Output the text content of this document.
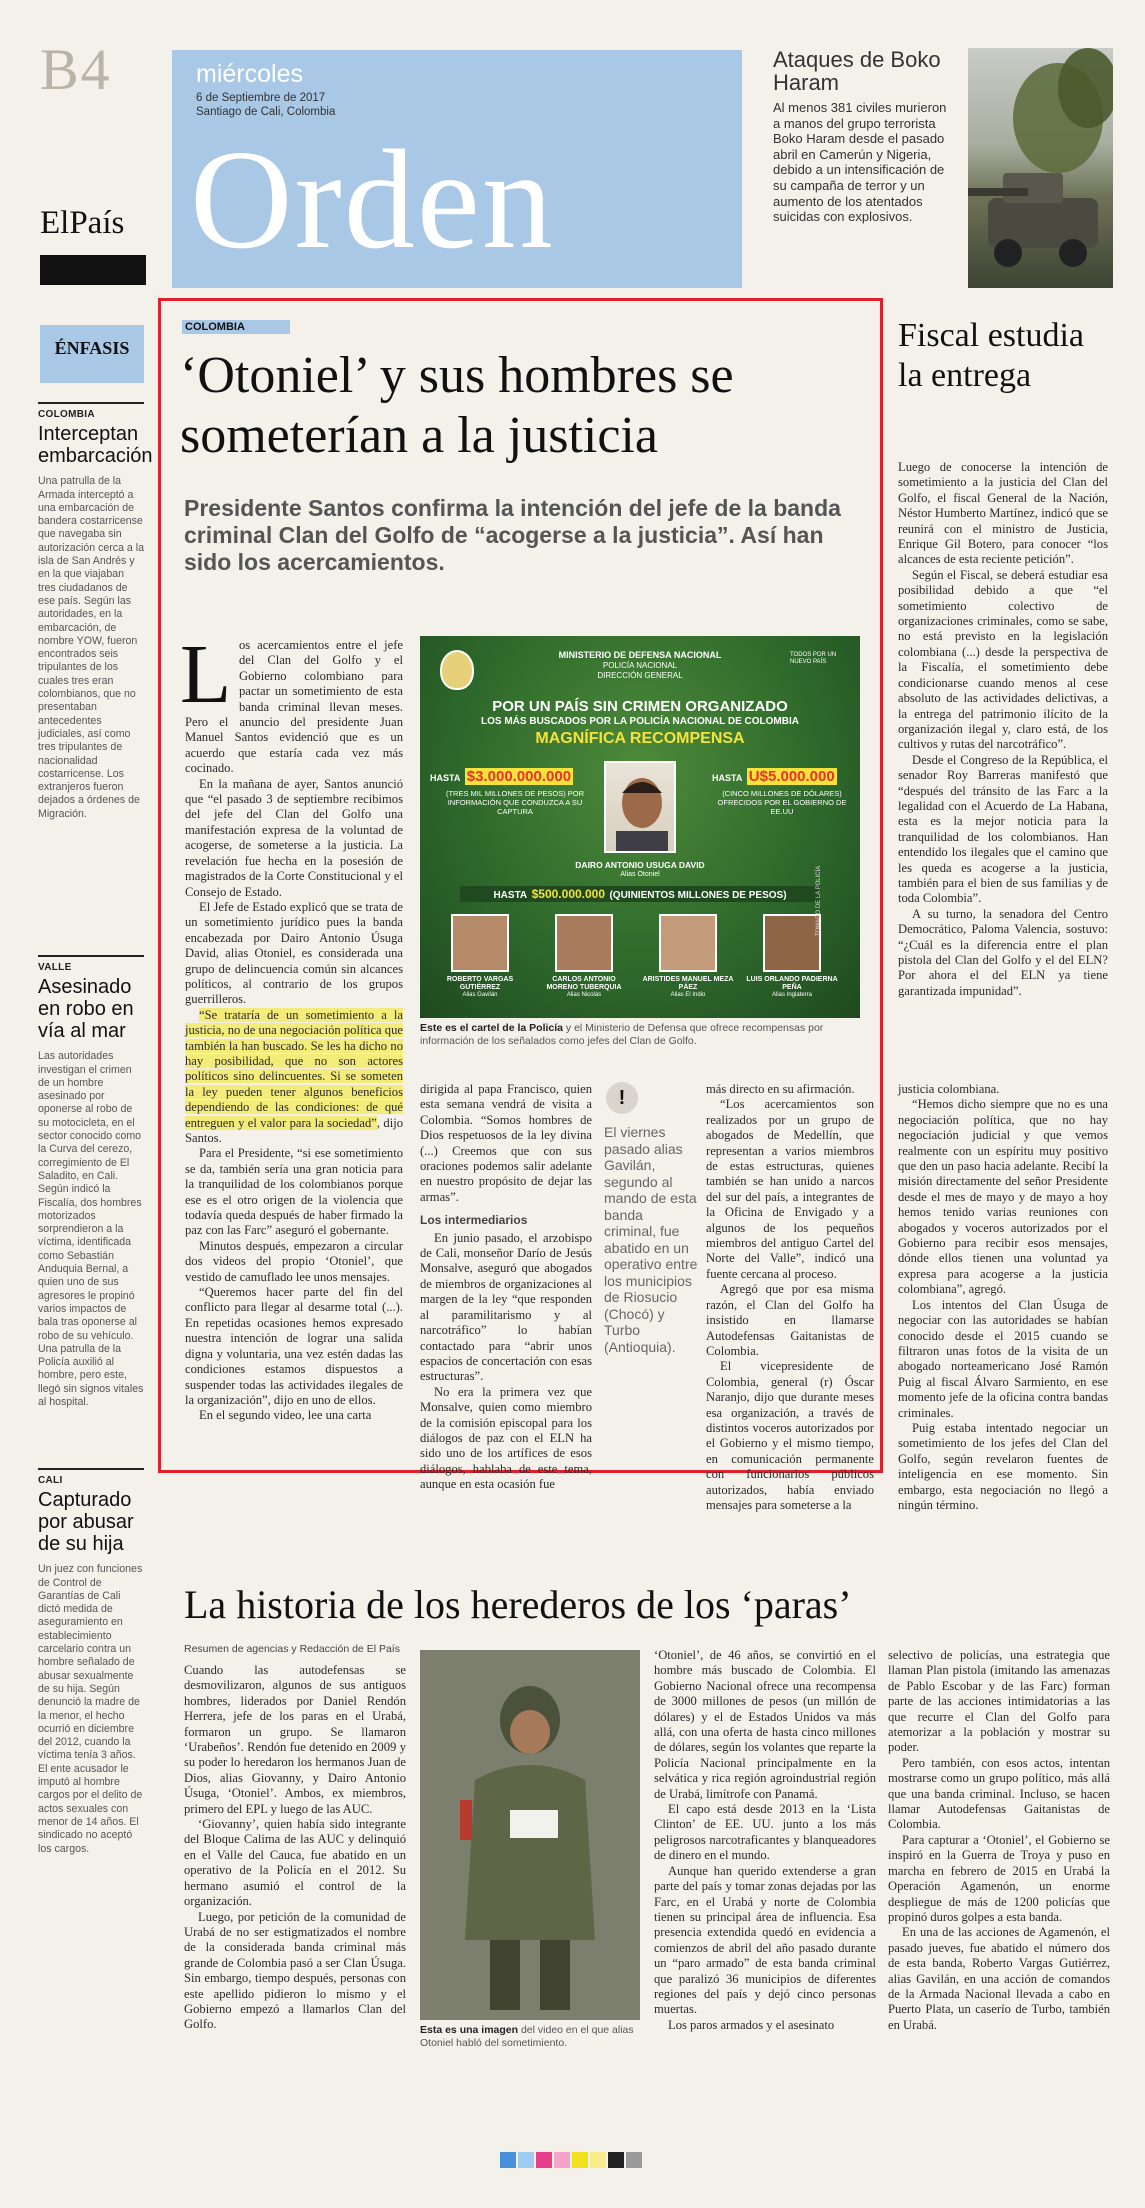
B4
ElPaís
miércoles
6 de Septiembre de 2017
Santiago de Cali, Colombia
Orden
Ataques de Boko Haram
Al menos 381 civiles murieron a manos del grupo terrorista Boko Haram desde el pasado abril en Camerún y Nigeria, debido a un intensificación de su campaña de terror y un aumento de los atentados suicidas con explosivos.
ÉNFASIS
COLOMBIA
Interceptan embarcación
Una patrulla de la Armada interceptó a una embarcación de bandera costarricense que navegaba sin autorización cerca a la isla de San Andrés y en la que viajaban tres ciudadanos de ese país. Según las autoridades, en la embarcación, de nombre YOW, fueron encontrados seis tripulantes de los cuales tres eran colombianos, que no presentaban antecedentes judiciales, así como tres tripulantes de nacionalidad costarricense. Los extranjeros fueron dejados a órdenes de Migración.
VALLE
Asesinado en robo en vía al mar
Las autoridades investigan el crimen de un hombre asesinado por oponerse al robo de su motocicleta, en el sector conocido como la Curva del cerezo, corregimiento de El Saladito, en Cali. Según indicó la Fiscalía, dos hombres motorizados sorprendieron a la víctima, identificada como Sebastián Anduquia Bernal, a quien uno de sus agresores le propinó varios impactos de bala tras oponerse al robo de su vehículo. Una patrulla de la Policía auxilió al hombre, pero este, llegó sin signos vitales al hospital.
CALI
Capturado por abusar de su hija
Un juez con funciones de Control de Garantías de Cali dictó medida de aseguramiento en establecimiento carcelario contra un hombre señalado de abusar sexualmente de su hija. Según denunció la madre de la menor, el hecho ocurrió en diciembre del 2012, cuando la víctima tenía 3 años. El ente acusador le imputó al hombre cargos por el delito de actos sexuales con menor de 14 años. El sindicado no aceptó los cargos.
COLOMBIA
‘Otoniel’ y sus hombres se someterían a la justicia
Presidente Santos confirma la intención del jefe de la banda criminal Clan del Golfo de “acogerse a la justicia”. Así han sido los acercamientos.
L os acercamientos entre el jefe del Clan del Golfo y el Gobierno colombiano para pactar un sometimiento de esta banda criminal llevan meses. Pero el anuncio del presidente Juan Manuel Santos evidenció que es un acuerdo que estaría cada vez más cocinado.

En la mañana de ayer, Santos anunció que “el pasado 3 de septiembre recibimos del jefe del Clan del Golfo una manifestación expresa de la voluntad de acogerse, de someterse a la justicia. La revelación fue hecha en la posesión de magistrados de la Corte Constitucional y el Consejo de Estado.

El Jefe de Estado explicó que se trata de un sometimiento jurídico pues la banda encabezada por Dairo Antonio Úsuga David, alias Otoniel, es considerada una grupo de delincuencia común sin alcances políticos, al contrario de los grupos guerrilleros.

“Se trataría de un sometimiento a la justicia, no de una negociación política que también la han buscado. Se les ha dicho no hay posibilidad, que no son actores políticos sino delincuentes. Si se someten la ley pueden tener algunos beneficios dependiendo de las condiciones: de qué entreguen y el valor para la sociedad”, dijo Santos.

Para el Presidente, “si ese sometimiento se da, también sería una gran noticia para la tranquilidad de los colombianos porque ese es el otro origen de la violencia que todavía queda después de haber firmado la paz con las Farc” aseguró el gobernante.

Minutos después, empezaron a circular dos videos del propio ‘Otoniel’, que vestido de camuflado lee unos mensajes.

“Queremos hacer parte del fin del conflicto para llegar al desarme total (...). En repetidas ocasiones hemos expresado nuestra intención de lograr una salida digna y voluntaria, una vez estén dadas las condiciones estamos dispuestos a suspender todas las actividades ilegales de la organización”, dijo en uno de ellos.

En el segundo video, lee una carta

MINISTERIO DE DEFENSA NACIONAL
POLICÍA NACIONAL
DIRECCIÓN GENERAL
TODOS POR UN NUEVO PAÍS
POR UN PAÍS SIN CRIMEN ORGANIZADO
LOS MÁS BUSCADOS POR LA POLICÍA NACIONAL DE COLOMBIA
MAGNÍFICA RECOMPENSA
HASTA $3.000.000.000
(TRES MIL MILLONES DE PESOS) POR INFORMACIÓN QUE CONDUZCA A SU CAPTURA
HASTA U$5.000.000
(CINCO MILLONES DE DÓLARES) OFRECIDOS POR EL GOBIERNO DE EE.UU
DAIRO ANTONIO USUGA DAVID
Alias Otoniel
HASTA $500.000.000 (QUINIENTOS MILLONES DE PESOS)
ROBERTO VARGAS GUTIÉRREZ
Alias Gavilán
CARLOS ANTONIO MORENO TUBERQUIA
Alias Nicolás
ARISTIDES MANUEL MEZA PÁEZ
Alias El Indio
LUIS ORLANDO PADIERNA PEÑA
Alias Inglaterra
TOMADO DE LA POLICÍA
Este es el cartel de la Policía y el Ministerio de Defensa que ofrece recompensas por información de los señalados como jefes del Clan de Golfo.

dirigida al papa Francisco, quien esta semana vendrá de visita a Colombia. “Somos hombres de Dios respetuosos de la ley divina (...) Creemos que con sus oraciones podemos salir adelante en nuestro propósito de dejar las armas”.

Los intermediarios

En junio pasado, el arzobispo de Cali, monseñor Darío de Jesús Monsalve, aseguró que abogados de miembros de organizaciones al margen de la ley “que responden al paramilitarismo y al narcotráfico” lo habían contactado para “abrir unos espacios de concertación con esas estructuras”.

No era la primera vez que Monsalve, quien como miembro de la comisión episcopal para los diálogos de paz con el ELN ha sido uno de los artífices de esos diálogos, hablaba de este tema, aunque en esta ocasión fue

!
El viernes pasado alias Gavilán, segundo al mando de esta banda criminal, fue abatido en un operativo entre los municipios de Riosucio (Chocó) y Turbo (Antioquia).

más directo en su afirmación.

“Los acercamientos son realizados por un grupo de abogados de Medellín, que representan a varios miembros de estas estructuras, quienes también se han unido a narcos del sur del país, a integrantes de la Oficina de Envigado y a algunos de los pequeños miembros del antiguo Cartel del Norte del Valle”, indicó una fuente cercana al proceso.

Agregó que por esa misma razón, el Clan del Golfo ha insistido en llamarse Autodefensas Gaitanistas de Colombia.

El vicepresidente de Colombia, general (r) Óscar Naranjo, dijo que durante meses esa organización, a través de distintos voceros autorizados por el Gobierno y el mismo tiempo, en comunicación permanente con funcionarios públicos autorizados, había enviado mensajes para someterse a la

Fiscal estudia la entrega

Luego de conocerse la intención de sometimiento a la justicia del Clan del Golfo, el fiscal General de la Nación, Néstor Humberto Martínez, indicó que se reunirá con el ministro de Justicia, Enrique Gil Botero, para conocer “los alcances de esta reciente petición”.

Según el Fiscal, se deberá estudiar esa posibilidad debido a que “el sometimiento colectivo de organizaciones criminales, como se sabe, no está previsto en la legislación colombiana (...) desde la perspectiva de la Fiscalía, el sometimiento debe condicionarse cuando menos al cese absoluto de las actividades delictivas, a la entrega del patrimonio ilícito de la organización ilegal y, claro está, de los cultivos y rutas del narcotráfico”.

Desde el Congreso de la República, el senador Roy Barreras manifestó que “después del tránsito de las Farc a la legalidad con el Acuerdo de La Habana, esta es la mejor noticia para la tranquilidad de los colombianos. Han entendido los ilegales que el camino que les queda es acogerse a la justicia, también para el bien de sus familias y de toda Colombia”.

A su turno, la senadora del Centro Democrático, Paloma Valencia, sostuvo: “¿Cuál es la diferencia entre el plan pistola del Clan del Golfo y el del ELN? Por ahora el del ELN ya tiene garantizada impunidad”.

justicia colombiana.

“Hemos dicho siempre que no es una negociación política, que no hay negociación judicial y que vemos realmente con un espíritu muy positivo que den un paso hacia adelante. Recibí la misión directamente del señor Presidente desde el mes de mayo y de mayo a hoy hemos tenido varias reuniones con abogados y voceros autorizados por el Gobierno para recibir esos mensajes, dónde ellos tienen una voluntad ya expresa para acogerse a la justicia colombiana”, agregó.

Los intentos del Clan Úsuga de negociar con las autoridades se habían conocido desde el 2015 cuando se filtraron unas fotos de la visita de un abogado norteamericano José Ramón Puig al fiscal Álvaro Sarmiento, en ese momento jefe de la oficina contra bandas criminales.

Puig estaba intentado negociar un sometimiento de los jefes del Clan del Golfo, según revelaron fuentes de inteligencia en ese momento. Sin embargo, esta negociación no llegó a ningún término.

La historia de los herederos de los ‘paras’
Resumen de agencias y Redacción de El País

Cuando las autodefensas se desmovilizaron, algunos de sus antiguos hombres, liderados por Daniel Rendón Herrera, jefe de los paras en el Urabá, formaron un grupo. Se llamaron ‘Urabeños’. Rendón fue detenido en 2009 y su poder lo heredaron los hermanos Juan de Dios, alias Giovanny, y Dairo Antonio Úsuga, ‘Otoniel’. Ambos, ex miembros, primero del EPL y luego de las AUC.

‘Giovanny’, quien había sido integrante del Bloque Calima de las AUC y delinquió en el Valle del Cauca, fue abatido en un operativo de la Policía en el 2012. Su hermano asumió el control de la organización.

Luego, por petición de la comunidad de Urabá de no ser estigmatizados el nombre de la considerada banda criminal más grande de Colombia pasó a ser Clan Úsuga. Sin embargo, tiempo después, personas con este apellido pidieron lo mismo y el Gobierno empezó a llamarlos Clan del Golfo.	Esta es una imagen del video en el que alias Otoniel habló del sometimiento.

‘Otoniel’, de 46 años, se convirtió en el hombre más buscado de Colombia. El Gobierno Nacional ofrece una recompensa de 3000 millones de pesos (un millón de dólares) y el de Estados Unidos va más allá, con una oferta de hasta cinco millones de dólares, según los volantes que reparte la Policía Nacional principalmente en la selvática y rica región agroindustrial región de Urabá, limítrofe con Panamá.

El capo está desde 2013 en la ‘Lista Clinton’ de EE. UU. junto a los más peligrosos narcotraficantes y blanqueadores de dinero en el mundo.

Aunque han querido extenderse a gran parte del país y tomar zonas dejadas por las Farc, en el Urabá y norte de Colombia tienen su principal área de influencia. Esa presencia extendida quedó en evidencia a comienzos de abril del año pasado durante un “paro armado” de esta banda criminal que paralizó 36 municipios de diferentes regiones del país y dejó cinco personas muertas.

Los paros armados y el asesinato

selectivo de policías, una estrategia que llaman Plan pistola (imitando las amenazas de Pablo Escobar y de las Farc) forman parte de las acciones intimidatorias a las que recurre el Clan del Golfo para atemorizar a la población y mostrar su poder.

Pero también, con esos actos, intentan mostrarse como un grupo político, más allá que una banda criminal. Incluso, se hacen llamar Autodefensas Gaitanistas de Colombia.

Para capturar a ‘Otoniel’, el Gobierno se inspiró en la Guerra de Troya y puso en marcha en febrero de 2015 en Urabá la Operación Agamenón, un enorme despliegue de más de 1200 policías que propinó duros golpes a esta banda.

En una de las acciones de Agamenón, el pasado jueves, fue abatido el número dos de esta banda, Roberto Vargas Gutiérrez, alias Gavilán, en una acción de comandos de la Armada Nacional llevada a cabo en Puerto Plata, un caserío de Turbo, también en Urabá.
